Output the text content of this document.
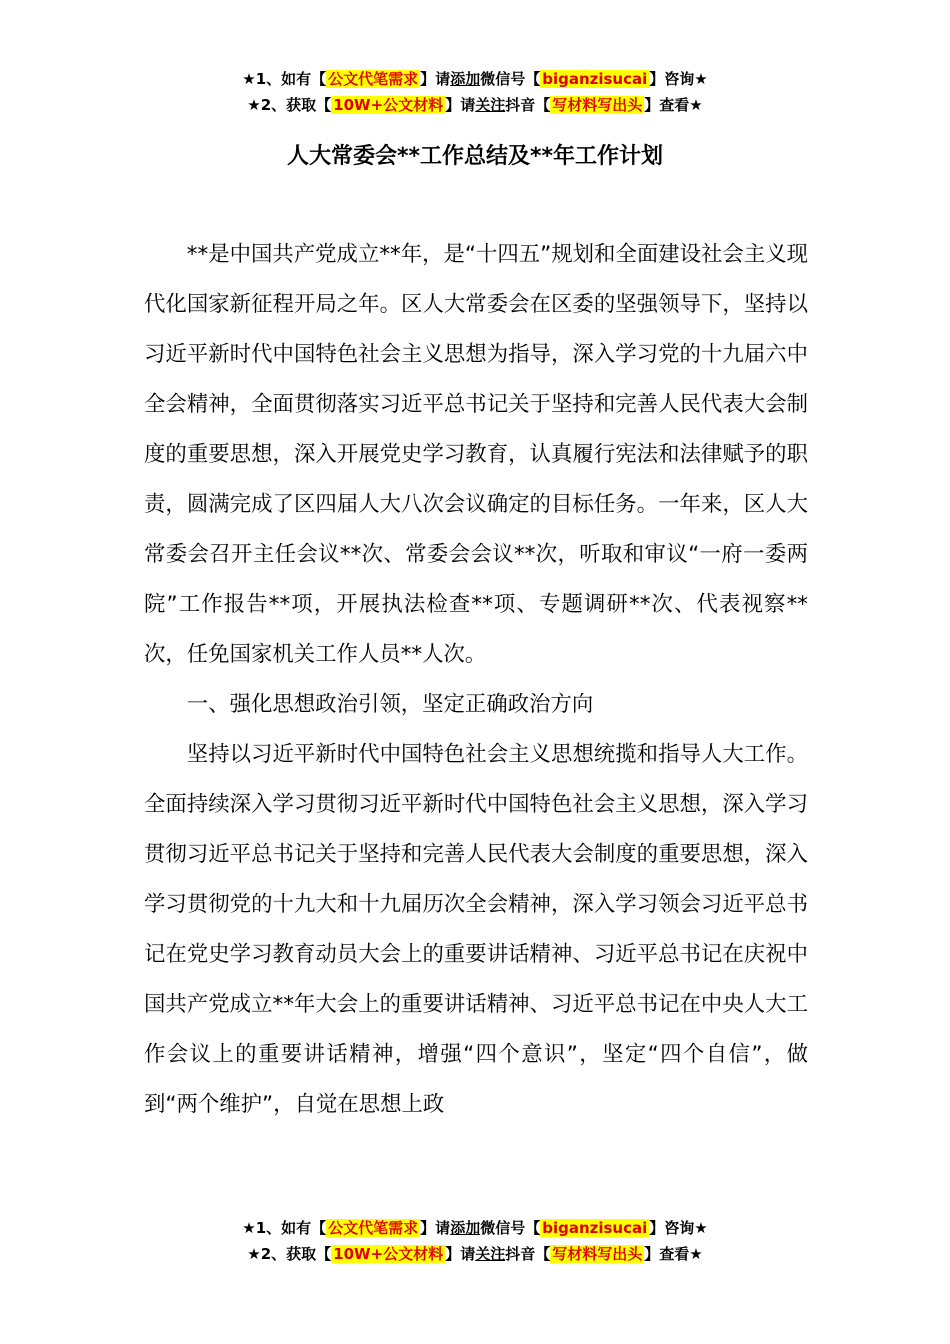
★1、如有【 公文代笔需求 】请添加微信号【 biganzisucai 】咨询★
★2、获取【 10W+公文材料 】请关注抖音【 写材料写出头 】查看★
人大常委会**工作总结及**年工作计划

**是中国共产党成立**年，是“十四五”规划和全面建设社会主义现代化国家新征程开局之年。区人大常委会在区委的坚强领导下，坚持以习近平新时代中国特色社会主义思想为指导，深入学习党的十九届六中全会精神，全面贯彻落实习近平总书记关于坚持和完善人民代表大会制度的重要思想，深入开展党史学习教育，认真履行宪法和法律赋予的职责，圆满完成了区四届人大八次会议确定的目标任务。一年来，区人大常委会召开主任会议**次、常委会会议**次，听取和审议“一府一委两院”工作报告**项，开展执法检查**项、专题调研**次、代表视察**次，任免国家机关工作人员**人次。

一、强化思想政治引领，坚定正确政治方向

坚持以习近平新时代中国特色社会主义思想统揽和指导人大工作。全面持续深入学习贯彻习近平新时代中国特色社会主义思想，深入学习贯彻习近平总书记关于坚持和完善人民代表大会制度的重要思想，深入学习贯彻党的十九大和十九届历次全会精神，深入学习领会习近平总书记在党史学习教育动员大会上的重要讲话精神、习近平总书记在庆祝中国共产党成立**年大会上的重要讲话精神、习近平总书记在中央人大工作会议上的重要讲话精神，增强“四个意识”，坚定“四个自信”，做到“两个维护”，自觉在思想上政

★1、如有【 公文代笔需求 】请添加微信号【 biganzisucai 】咨询★
★2、获取【 10W+公文材料 】请关注抖音【 写材料写出头 】查看★
